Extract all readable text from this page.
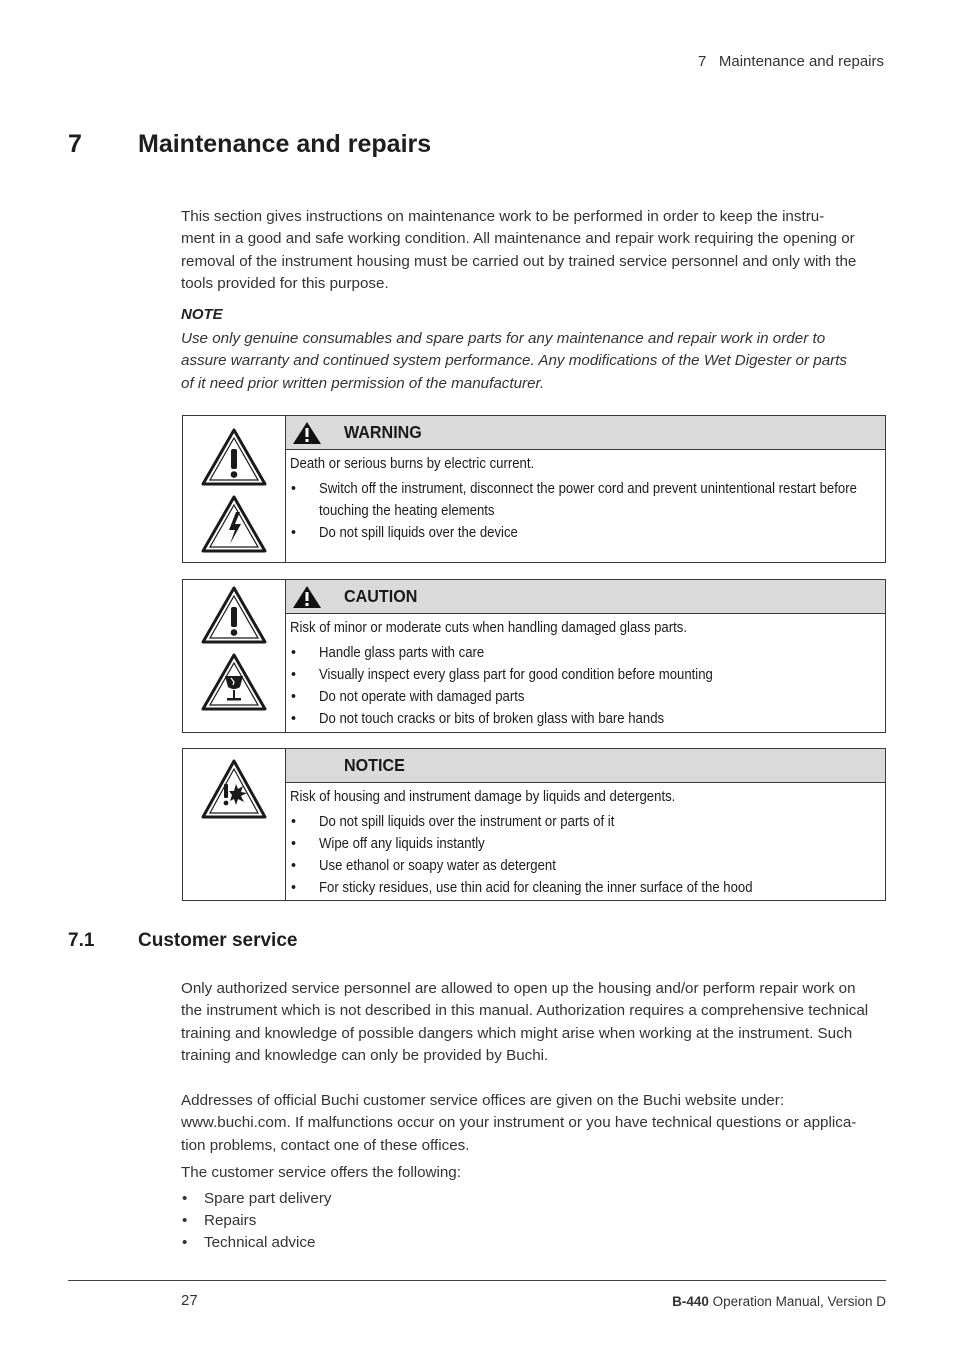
7   Maintenance and repairs
7 Maintenance and repairs
This section gives instructions on maintenance work to be performed in order to keep the instru-
ment in a good and safe working condition. All maintenance and repair work requiring the opening or
removal of the instrument housing must be carried out by trained service personnel and only with the
tools provided for this purpose.
NOTE
Use only genuine consumables and spare parts for any maintenance and repair work in order to
assure warranty and continued system performance. Any modifications of the Wet Digester or parts
of it need prior written permission of the manufacturer.
WARNING
Death or serious burns by electric current.
• Switch off the instrument, disconnect the power cord and prevent unintentional restart before
touching the heating elements
• Do not spill liquids over the device
CAUTION
Risk of minor or moderate cuts when handling damaged glass parts.
• Handle glass parts with care
• Visually inspect every glass part for good condition before mounting
• Do not operate with damaged parts
• Do not touch cracks or bits of broken glass with bare hands
NOTICE
Risk of housing and instrument damage by liquids and detergents.
• Do not spill liquids over the instrument or parts of it
• Wipe off any liquids instantly
• Use ethanol or soapy water as detergent
• For sticky residues, use thin acid for cleaning the inner surface of the hood
7.1 Customer service
Only authorized service personnel are allowed to open up the housing and/or perform repair work on
the instrument which is not described in this manual. Authorization requires a comprehensive technical
training and knowledge of possible dangers which might arise when working at the instrument. Such
training and knowledge can only be provided by Buchi.
Addresses of official Buchi customer service offices are given on the Buchi website under:
www.buchi.com. If malfunctions occur on your instrument or you have technical questions or applica-
tion problems, contact one of these offices.
The customer service offers the following:
• Spare part delivery
• Repairs
• Technical advice
27	B-440 Operation Manual, Version D
